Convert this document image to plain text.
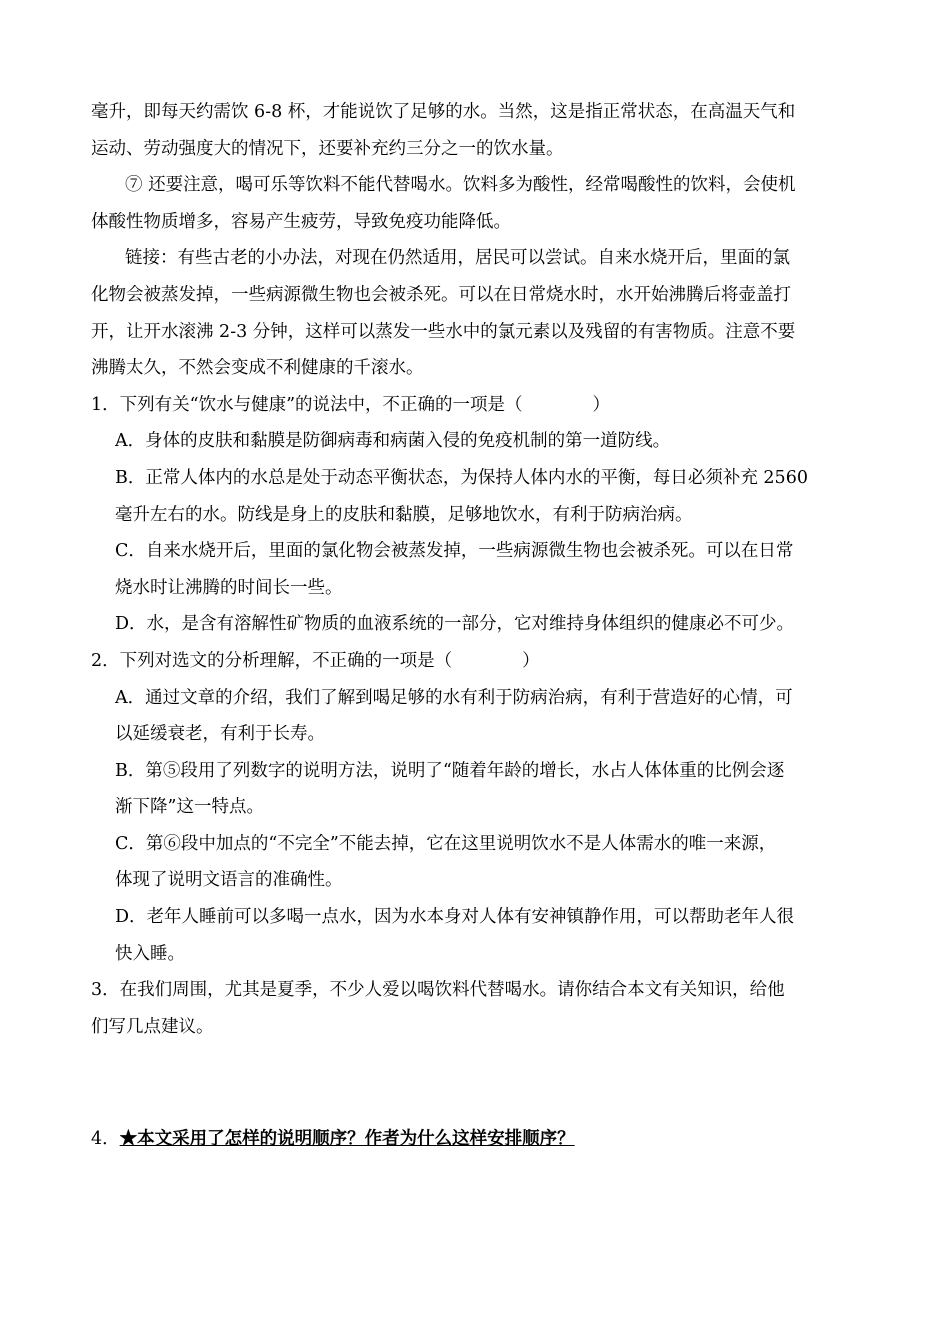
毫升，即每天约需饮 6-8 杯，才能说饮了足够的水。当然，这是指正常状态，在高温天气和
运动、劳动强度大的情况下，还要补充约三分之一的饮水量。
⑦ 还要注意，喝可乐等饮料不能代替喝水。饮料多为酸性，经常喝酸性的饮料，会使机
体酸性物质增多，容易产生疲劳，导致免疫功能降低。
链接：有些古老的小办法，对现在仍然适用，居民可以尝试。自来水烧开后，里面的氯
化物会被蒸发掉，一些病源微生物也会被杀死。可以在日常烧水时，水开始沸腾后将壶盖打
开，让开水滚沸 2-3 分钟，这样可以蒸发一些水中的氯元素以及残留的有害物质。注意不要
沸腾太久，不然会变成不利健康的千滚水。
1．下列有关“饮水与健康”的说法中，不正确的一项是（　　　　）
A．身体的皮肤和黏膜是防御病毒和病菌入侵的免疫机制的第一道防线。
B．正常人体内的水总是处于动态平衡状态，为保持人体内水的平衡，每日必须补充 2560
毫升左右的水。防线是身上的皮肤和黏膜，足够地饮水，有利于防病治病。
C．自来水烧开后，里面的氯化物会被蒸发掉，一些病源微生物也会被杀死。可以在日常
烧水时让沸腾的时间长一些。
D．水，是含有溶解性矿物质的血液系统的一部分，它对维持身体组织的健康必不可少。
2．下列对选文的分析理解，不正确的一项是（　　　　）
A．通过文章的介绍，我们了解到喝足够的水有利于防病治病，有利于营造好的心情，可
以延缓衰老，有利于长寿。
B．第⑤段用了列数字的说明方法，说明了“随着年龄的增长，水占人体体重的比例会逐
渐下降”这一特点。
C．第⑥段中加点的“不完全”不能去掉，它在这里说明饮水不是人体需水的唯一来源，
体现了说明文语言的准确性。
D．老年人睡前可以多喝一点水，因为水本身对人体有安神镇静作用，可以帮助老年人很
快入睡。
3．在我们周围，尤其是夏季，不少人爱以喝饮料代替喝水。请你结合本文有关知识，给他
们写几点建议。
4．★本文采用了怎样的说明顺序？作者为什么这样安排顺序？
